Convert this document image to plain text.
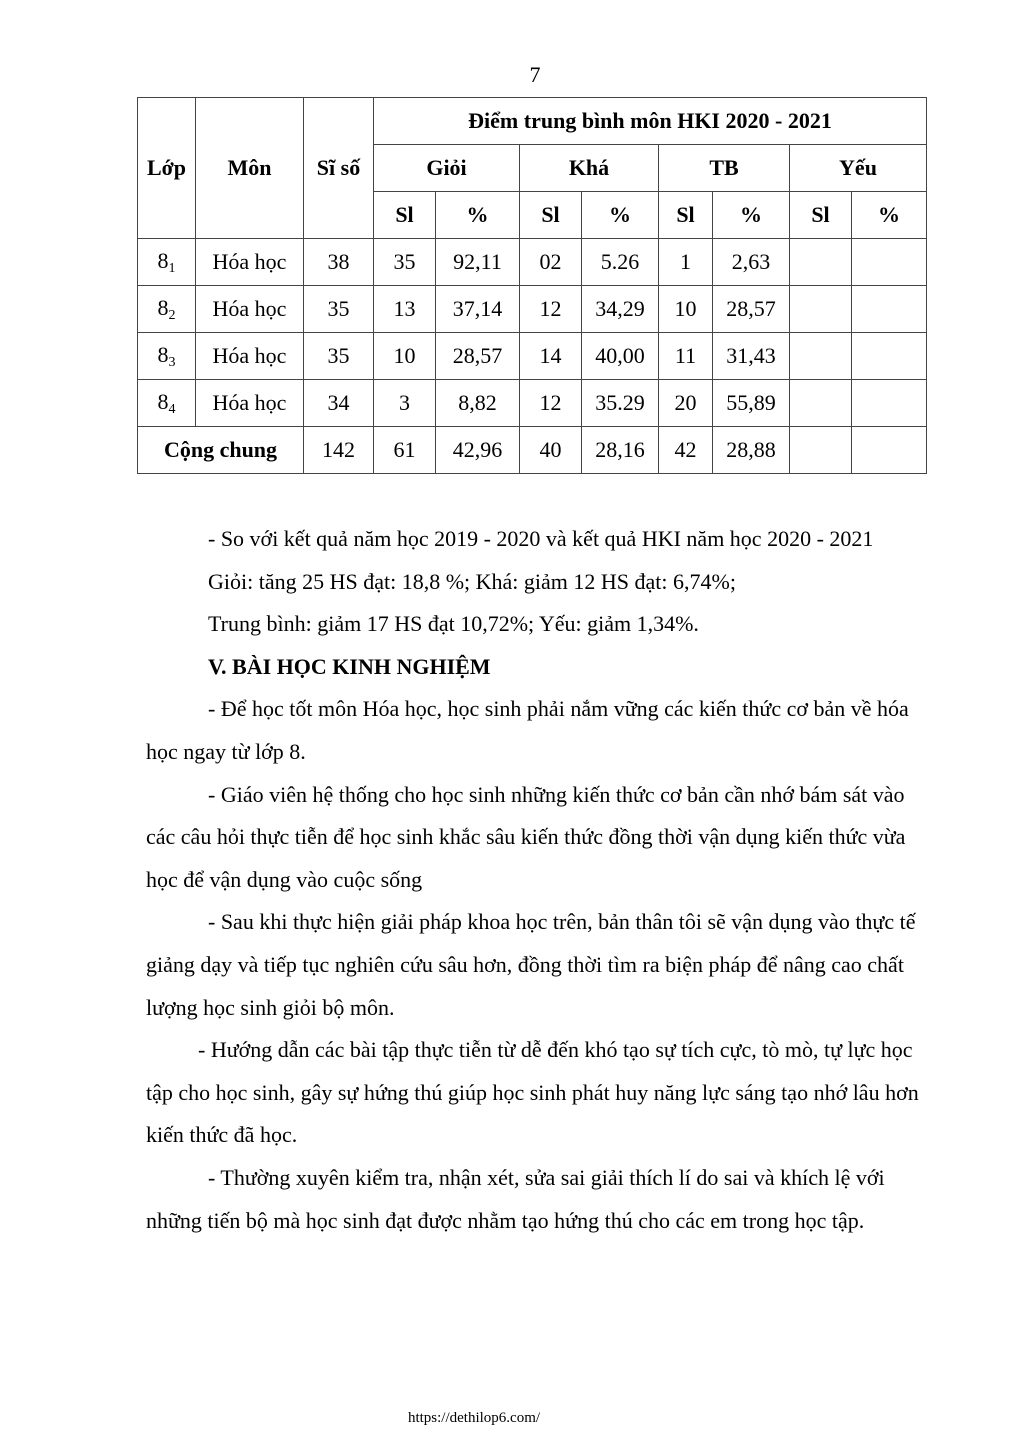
7
Lớp	Môn	Sĩ số	Điểm trung bình môn HKI 2020 - 2021							
			Giỏi		Khá		TB		Yếu	
			Sl	%	Sl	%	Sl	%	Sl	%
$8_1$	Hóa học	38	35	92,11	02	5.26	1	2,63		
$8_2$	Hóa học	35	13	37,14	12	34,29	10	28,57		
$8_3$	Hóa học	35	10	28,57	14	40,00	11	31,43		
$8_4$	Hóa học	34	3	8,82	12	35.29	20	55,89		
Cộng chung		142	61	42,96	40	28,16	42	28,88		

- So với kết quả năm học 2019 - 2020 và kết quả HKI năm học 2020 - 2021

Giỏi: tăng 25 HS đạt: 18,8 %; Khá: giảm 12 HS đạt: 6,74%;

Trung bình: giảm 17 HS đạt 10,72%; Yếu: giảm 1,34%.

V. BÀI HỌC KINH NGHIỆM

- Để học tốt môn Hóa học, học sinh phải nắm vững các kiến thức cơ bản về hóa học ngay từ lớp 8.

- Giáo viên hệ thống cho học sinh những kiến thức cơ bản cần nhớ bám sát vào các câu hỏi thực tiễn để học sinh khắc sâu kiến thức đồng thời vận dụng kiến thức vừa học để vận dụng vào cuộc sống

- Sau khi thực hiện giải pháp khoa học trên, bản thân tôi sẽ vận dụng vào thực tế giảng dạy và tiếp tục nghiên cứu sâu hơn, đồng thời tìm ra biện pháp để nâng cao chất lượng học sinh giỏi bộ môn.

- Hướng dẫn các bài tập thực tiễn từ dễ đến khó tạo sự tích cực, tò mò, tự lực học tập cho học sinh, gây sự hứng thú giúp học sinh phát huy năng lực sáng tạo nhớ lâu hơn kiến thức đã học.

- Thường xuyên kiểm tra, nhận xét, sửa sai giải thích lí do sai và khích lệ với những tiến bộ mà học sinh đạt được nhằm tạo hứng thú cho các em trong học tập.

https://dethilop6.com/
